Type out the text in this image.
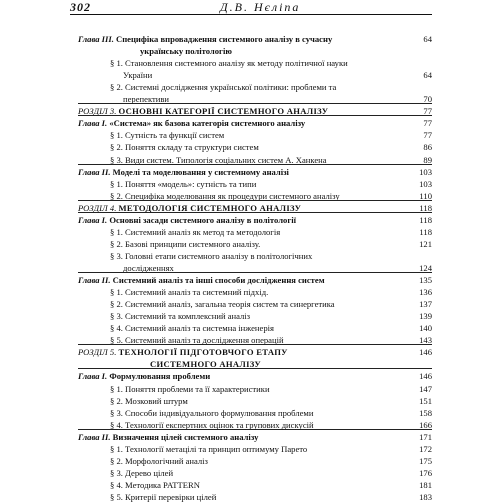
302	Д.В. Нєліпа
Глава ІІІ. Специфіка впровадження системного аналізу в сучасну	64
українську політологію
§ 1. Становлення системного аналізу як методу політичної науки
України	64
§ 2. Системні дослідження української політики: проблеми та
перепективи	70
РОЗДІЛ 3. ОСНОВНІ КАТЕГОРІЇ СИСТЕМНОГО АНАЛІЗУ	77
Глава І. «Система» як базова категорія системного аналізу	77
§ 1. Сутність та функції систем	77
§ 2. Поняття складу та структури систем	86
§ 3. Види систем. Типологія соціальних систем А. Ханкена	89
Глава ІІ. Моделі та моделювання у системному аналізі	103
§ 1. Поняття «модель»: сутність та типи	103
§ 2. Специфіка моделювання як процедури системного аналізу	110
РОЗДІЛ 4. МЕТОДОЛОГІЯ СИСТЕМНОГО АНАЛІЗУ	118
Глава І. Основні засади системного аналізу в політології	118
§ 1. Системний аналіз як метод та методологія	118
§ 2. Базові принципи системного аналізу.	121
§ 3. Головні етапи системного аналізу в політологічних
дослідженнях	124
Глава ІІ. Системний аналіз та інші способи дослідження систем	135
§ 1. Системний аналіз та системний підхід.	136
§ 2. Системний аналіз, загальна теорія систем та синергетика	137
§ 3. Системний та комплексний аналіз	139
§ 4. Системний аналіз та системна інженерія	140
§ 5. Системний аналіз та дослідження операцій	143
РОЗДІЛ 5. ТЕХНОЛОГІЇ ПІДГОТОВЧОГО ЕТАПУ	146
СИСТЕМНОГО АНАЛІЗУ
Глава І. Формулювання проблеми	146
§ 1. Поняття проблеми та її характеристики	147
§ 2. Мозковий штурм	151
§ 3. Способи індивідуального формулювання проблеми	158
§ 4. Технології експертних оцінок та групових дискусій	166
Глава ІІ. Визначення цілей системного аналізу	171
§ 1. Технології метацілі та принцип оптимуму Парето	172
§ 2. Морфологічний аналіз	175
§ 3. Дерево цілей	176
§ 4. Методика PATTERN	181
§ 5. Критерії перевірки цілей	183
